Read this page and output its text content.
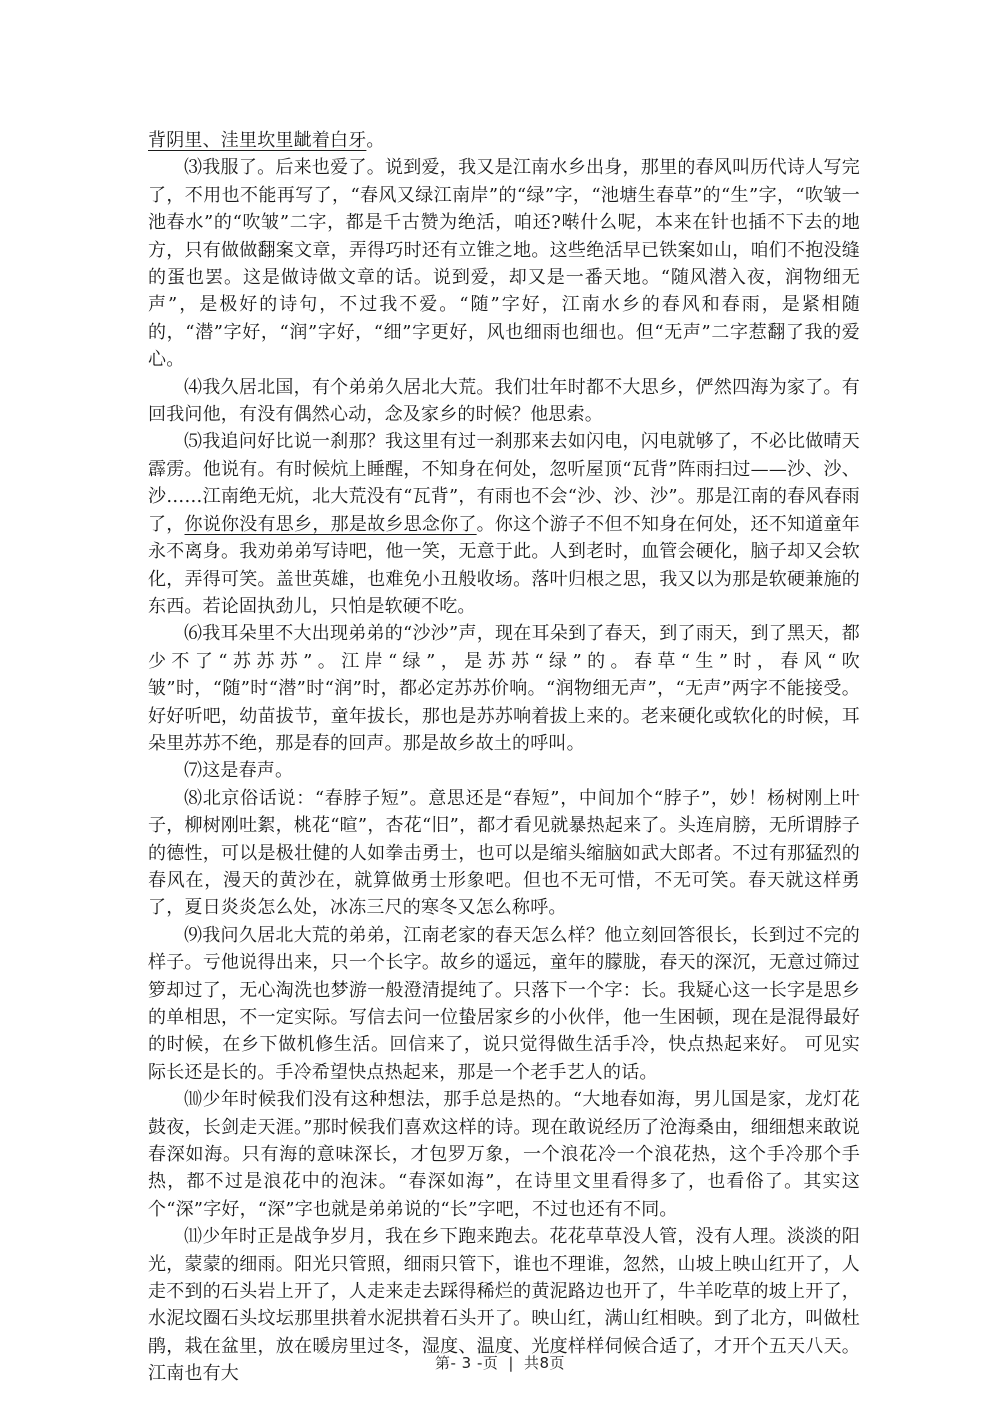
背阴里、洼里坎里龇着白牙。

⑶我服了。后来也爱了。说到爱，我又是江南水乡出身，那里的春风叫历代诗人写完了，不用也不能再写了，“春风又绿江南岸”的“绿”字，“池塘生春草”的“生”字，“吹皱一池春水”的“吹皱”二字，都是千古赞为绝活，咱还?啭什么呢，本来在针也插不下去的地方，只有做做翻案文章，弄得巧时还有立锥之地。这些绝活早已铁案如山，咱们不抱没缝的蛋也罢。这是做诗做文章的话。说到爱，却又是一番天地。“随风潜入夜，润物细无声”，是极好的诗句，不过我不爱。“随”字好，江南水乡的春风和春雨，是紧相随的，“潜”字好，“润”字好，“细”字更好，风也细雨也细也。但“无声”二字惹翻了我的爱心。

⑷我久居北国，有个弟弟久居北大荒。我们壮年时都不大思乡，俨然四海为家了。有回我问他，有没有偶然心动，念及家乡的时候？他思索。

⑸我追问好比说一刹那？我这里有过一刹那来去如闪电，闪电就够了，不必比做晴天霹雳。他说有。有时候炕上睡醒，不知身在何处，忽听屋顶“瓦背”阵雨扫过——沙、沙、沙……江南绝无炕，北大荒没有“瓦背”，有雨也不会“沙、沙、沙”。那是江南的春风春雨了，你说你没有思乡，那是故乡思念你了。你这个游子不但不知身在何处，还不知道童年永不离身。我劝弟弟写诗吧，他一笑，无意于此。人到老时，血管会硬化，脑子却又会软化，弄得可笑。盖世英雄，也难免小丑般收场。落叶归根之思，我又以为那是软硬兼施的东西。若论固执劲儿，只怕是软硬不吃。

⑹我耳朵里不大出现弟弟的“沙沙”声，现在耳朵到了春天，到了雨天，到了黑天，都少不了“苏苏苏”。江岸“绿”，是苏苏“绿”的。春草“生”时，春风“吹皱”时，“随”时“潜”时“润”时，都必定苏苏价响。“润物细无声”，“无声”两字不能接受。 好好听吧，幼苗拔节，童年拔长，那也是苏苏响着拔上来的。老来硬化或软化的时候，耳朵里苏苏不绝，那是春的回声。那是故乡故土的呼叫。

⑺这是春声。

⑻北京俗话说：“春脖子短”。意思还是“春短”，中间加个“脖子”，妙！杨树刚上叶子，柳树刚吐絮，桃花“暄”，杏花“旧”，都才看见就暴热起来了。头连肩膀，无所谓脖子的德性，可以是极壮健的人如拳击勇士，也可以是缩头缩脑如武大郎者。不过有那猛烈的春风在，漫天的黄沙在，就算做勇士形象吧。但也不无可惜，不无可笑。春天就这样勇了，夏日炎炎怎么处，冰冻三尺的寒冬又怎么称呼。

⑼我问久居北大荒的弟弟，江南老家的春天怎么样？他立刻回答很长，长到过不完的样子。亏他说得出来，只一个长字。故乡的遥远，童年的朦胧，春天的深沉，无意过筛过箩却过了，无心淘洗也梦游一般澄清提纯了。只落下一个字：长。我疑心这一长字是思乡的单相思，不一定实际。写信去问一位蛰居家乡的小伙伴，他一生困顿，现在是混得最好的时候，在乡下做机修生活。回信来了，说只觉得做生活手冷，快点热起来好。 可见实际长还是长的。手冷希望快点热起来，那是一个老手艺人的话。

⑽少年时候我们没有这种想法，那手总是热的。“大地春如海，男儿国是家，龙灯花鼓夜，长剑走天涯。”那时候我们喜欢这样的诗。现在敢说经历了沧海桑由，细细想来敢说春深如海。只有海的意味深长，才包罗万象，一个浪花冷一个浪花热，这个手冷那个手热，都不过是浪花中的泡沫。“春深如海”，在诗里文里看得多了，也看俗了。其实这个“深”字好，“深”字也就是弟弟说的“长”字吧，不过也还有不同。

⑾少年时正是战争岁月，我在乡下跑来跑去。花花草草没人管，没有人理。淡淡的阳光，蒙蒙的细雨。阳光只管照，细雨只管下，谁也不理谁，忽然，山坡上映山红开了，人走不到的石头岩上开了，人走来走去踩得稀烂的黄泥路边也开了，牛羊吃草的坡上开了，水泥坟圈石头坟坛那里拱着水泥拱着石头开了。映山红，满山红相映。到了北方，叫做杜鹃，栽在盆里，放在暖房里过冬，湿度、温度、光度样样伺候合适了，才开个五天八天。 江南也有大

第- 3 -页 | 共8页
